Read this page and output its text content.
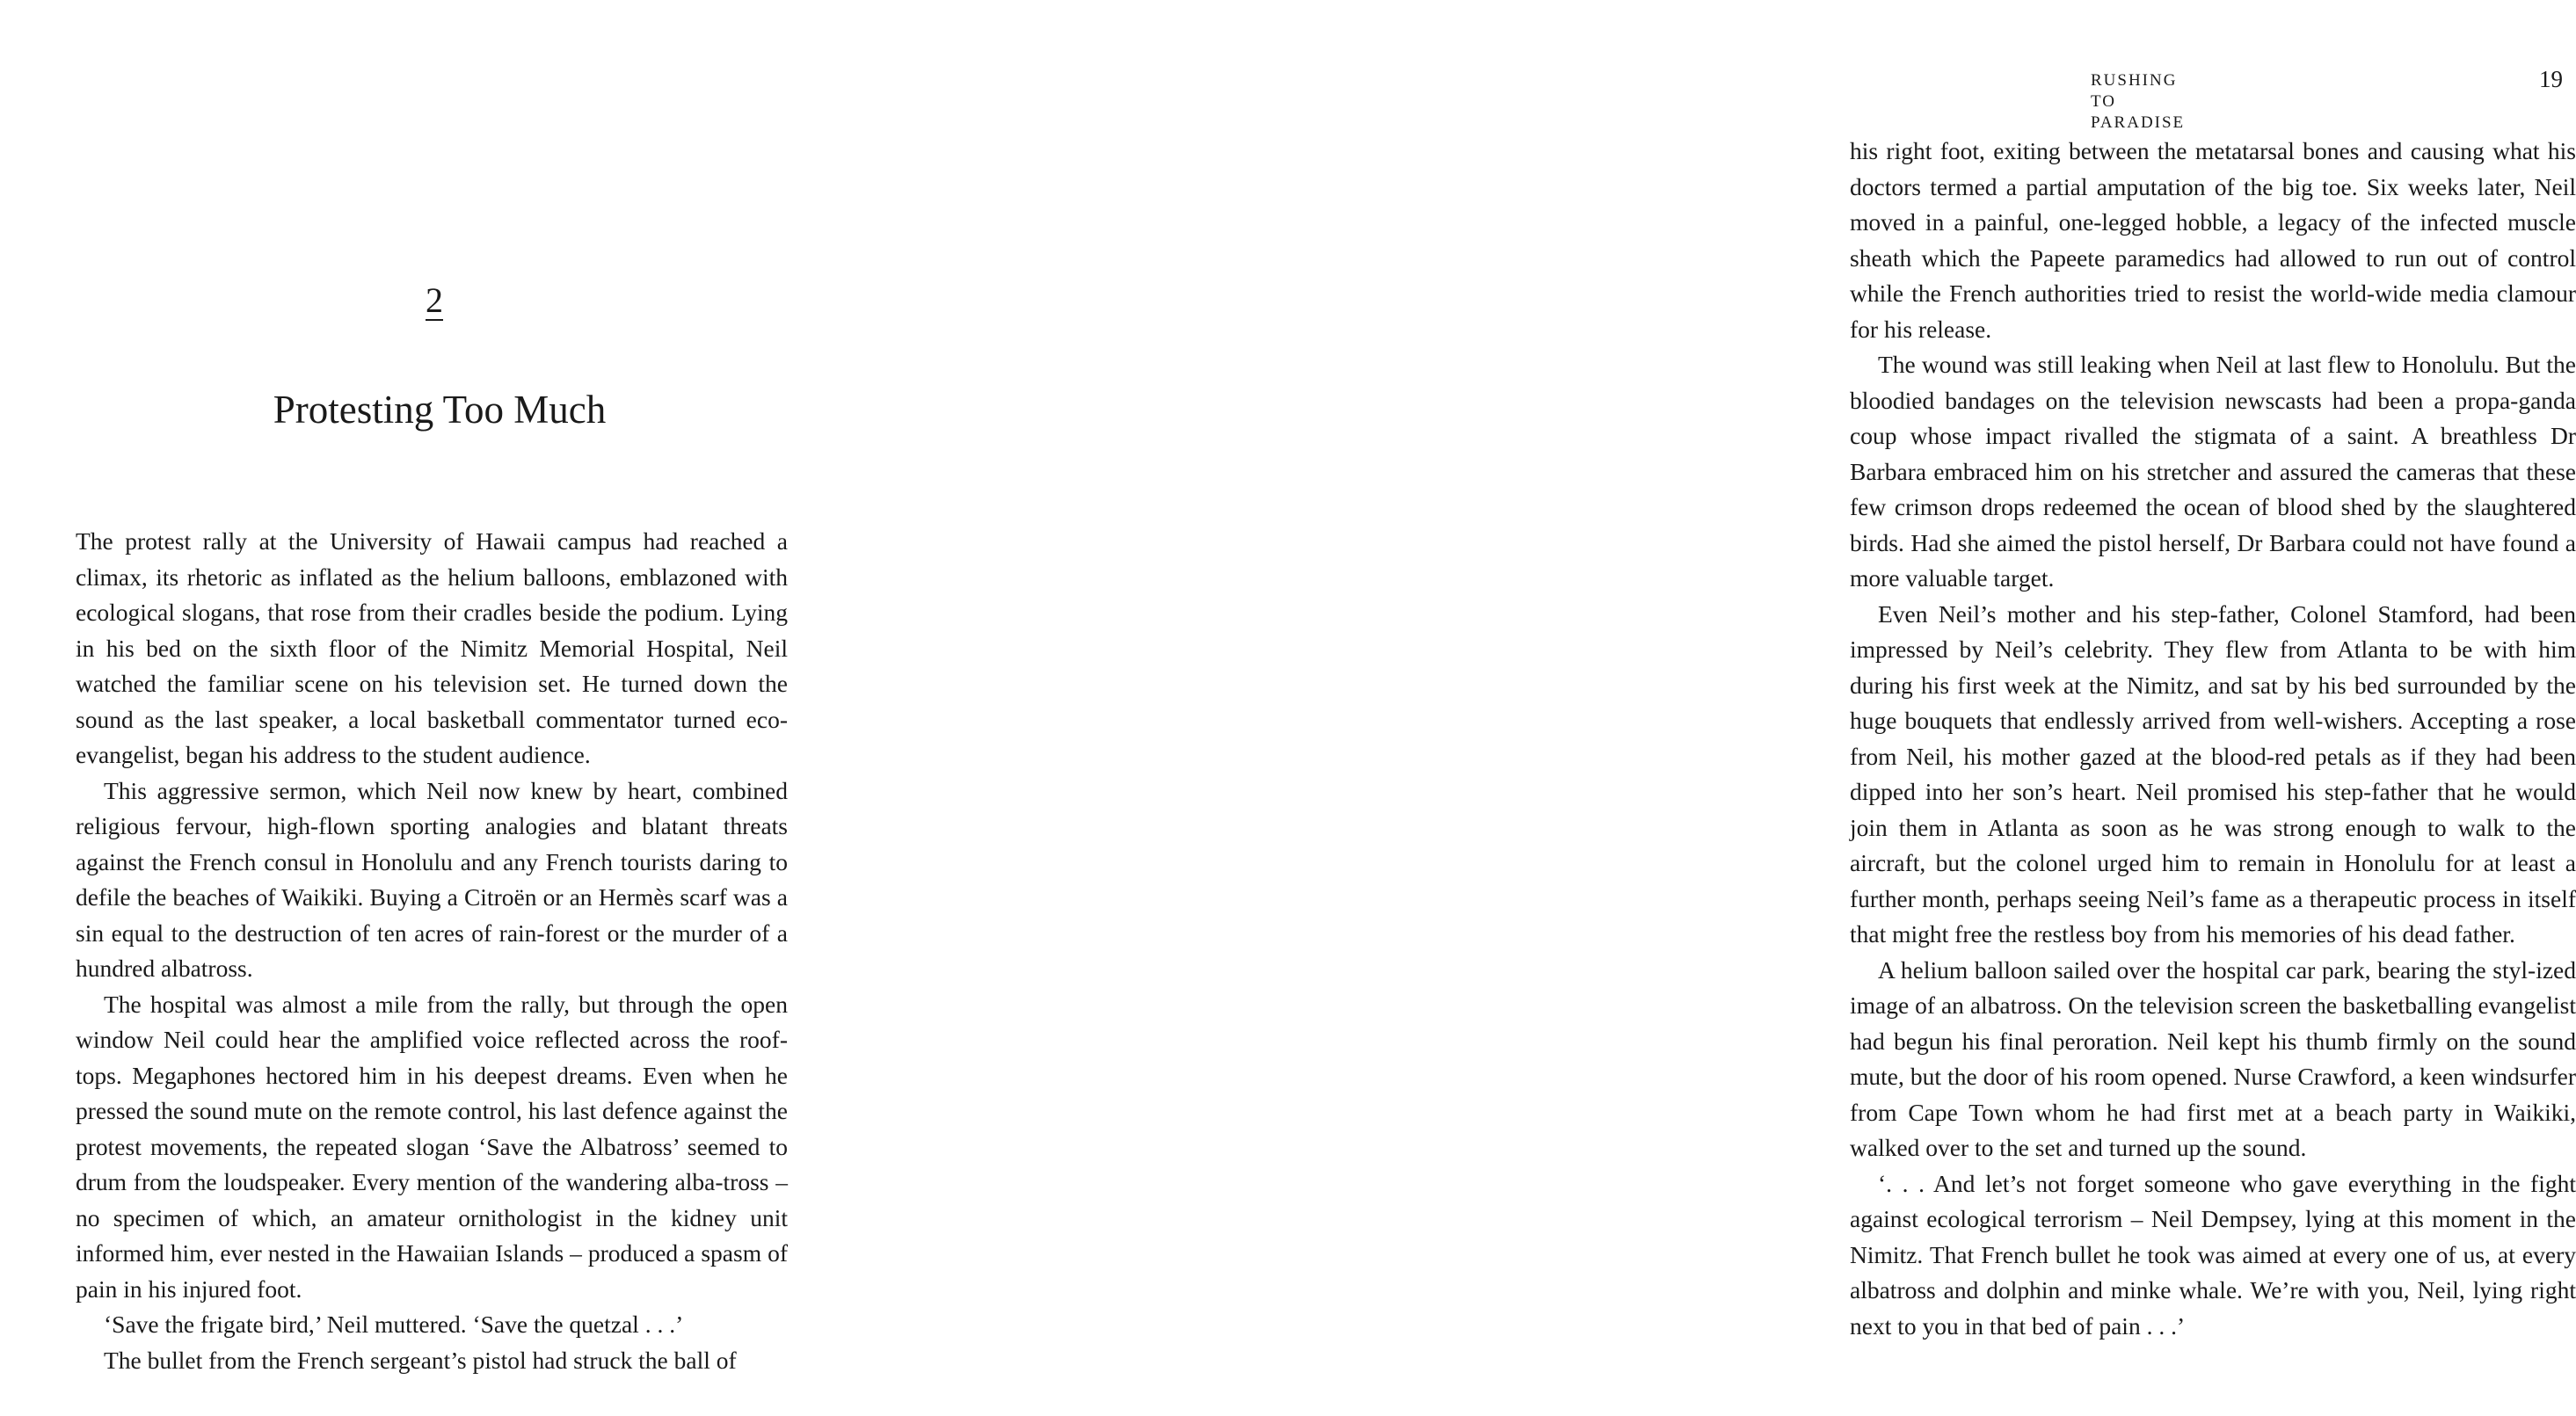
2
Protesting Too Much

The protest rally at the University of Hawaii campus had reached a climax, its rhetoric as inflated as the helium balloons, emblazoned with ecological slogans, that rose from their cradles beside the podium. Lying in his bed on the sixth floor of the Nimitz Memorial Hospital, Neil watched the familiar scene on his television set. He turned down the sound as the last speaker, a local basketball commentator turned eco-evangelist, began his address to the student audience.

This aggressive sermon, which Neil now knew by heart, combined religious fervour, high-flown sporting analogies and blatant threats against the French consul in Honolulu and any French tourists daring to defile the beaches of Waikiki. Buying a Citroën or an Hermès scarf was a sin equal to the destruction of ten acres of rain-forest or the murder of a hundred albatross.

The hospital was almost a mile from the rally, but through the open window Neil could hear the amplified voice reflected across the roof-tops. Megaphones hectored him in his deepest dreams. Even when he pressed the sound mute on the remote control, his last defence against the protest movements, the repeated slogan ‘Save the Albatross’ seemed to drum from the loudspeaker. Every mention of the wandering alba-tross – no specimen of which, an amateur ornithologist in the kidney unit informed him, ever nested in the Hawaiian Islands – produced a spasm of pain in his injured foot.

‘Save the frigate bird,’ Neil muttered. ‘Save the quetzal . . .’

The bullet from the French sergeant’s pistol had struck the ball of

RUSHING TO PARADISE
19

his right foot, exiting between the metatarsal bones and causing what his doctors termed a partial amputation of the big toe. Six weeks later, Neil moved in a painful, one-legged hobble, a legacy of the infected muscle sheath which the Papeete paramedics had allowed to run out of control while the French authorities tried to resist the world-wide media clamour for his release.

The wound was still leaking when Neil at last flew to Honolulu. But the bloodied bandages on the television newscasts had been a propa-ganda coup whose impact rivalled the stigmata of a saint. A breathless Dr Barbara embraced him on his stretcher and assured the cameras that these few crimson drops redeemed the ocean of blood shed by the slaughtered birds. Had she aimed the pistol herself, Dr Barbara could not have found a more valuable target.

Even Neil’s mother and his step-father, Colonel Stamford, had been impressed by Neil’s celebrity. They flew from Atlanta to be with him during his first week at the Nimitz, and sat by his bed surrounded by the huge bouquets that endlessly arrived from well-wishers. Accepting a rose from Neil, his mother gazed at the blood-red petals as if they had been dipped into her son’s heart. Neil promised his step-father that he would join them in Atlanta as soon as he was strong enough to walk to the aircraft, but the colonel urged him to remain in Honolulu for at least a further month, perhaps seeing Neil’s fame as a therapeutic process in itself that might free the restless boy from his memories of his dead father.

A helium balloon sailed over the hospital car park, bearing the styl-ized image of an albatross. On the television screen the basketballing evangelist had begun his final peroration. Neil kept his thumb firmly on the sound mute, but the door of his room opened. Nurse Crawford, a keen windsurfer from Cape Town whom he had first met at a beach party in Waikiki, walked over to the set and turned up the sound.

‘. . . And let’s not forget someone who gave everything in the fight against ecological terrorism – Neil Dempsey, lying at this moment in the Nimitz. That French bullet he took was aimed at every one of us, at every albatross and dolphin and minke whale. We’re with you, Neil, lying right next to you in that bed of pain . . .’
